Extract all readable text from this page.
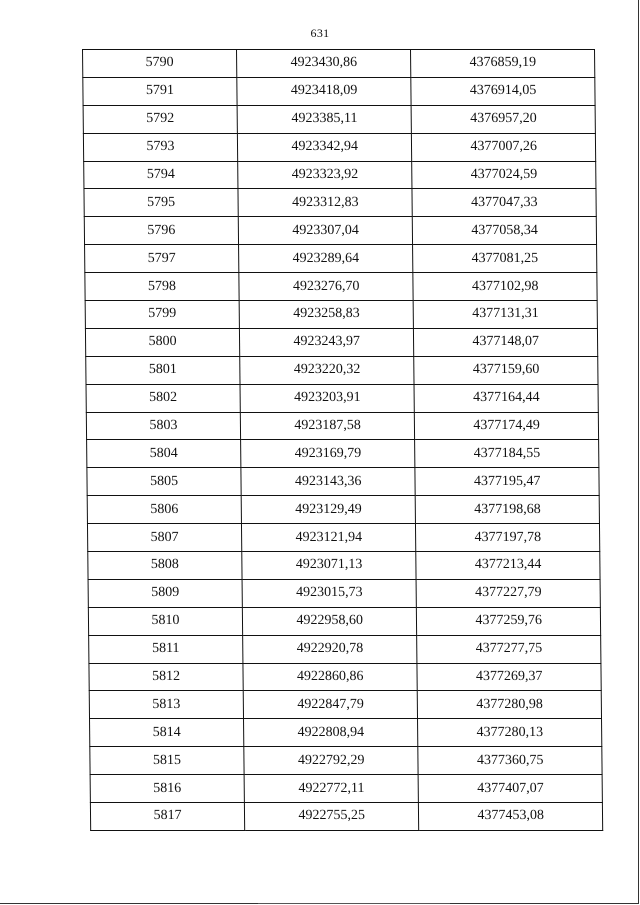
631
5790	4923430,86	4376859,19
5791	4923418,09	4376914,05
5792	4923385,11	4376957,20
5793	4923342,94	4377007,26
5794	4923323,92	4377024,59
5795	4923312,83	4377047,33
5796	4923307,04	4377058,34
5797	4923289,64	4377081,25
5798	4923276,70	4377102,98
5799	4923258,83	4377131,31
5800	4923243,97	4377148,07
5801	4923220,32	4377159,60
5802	4923203,91	4377164,44
5803	4923187,58	4377174,49
5804	4923169,79	4377184,55
5805	4923143,36	4377195,47
5806	4923129,49	4377198,68
5807	4923121,94	4377197,78
5808	4923071,13	4377213,44
5809	4923015,73	4377227,79
5810	4922958,60	4377259,76
5811	4922920,78	4377277,75
5812	4922860,86	4377269,37
5813	4922847,79	4377280,98
5814	4922808,94	4377280,13
5815	4922792,29	4377360,75
5816	4922772,11	4377407,07
5817	4922755,25	4377453,08
